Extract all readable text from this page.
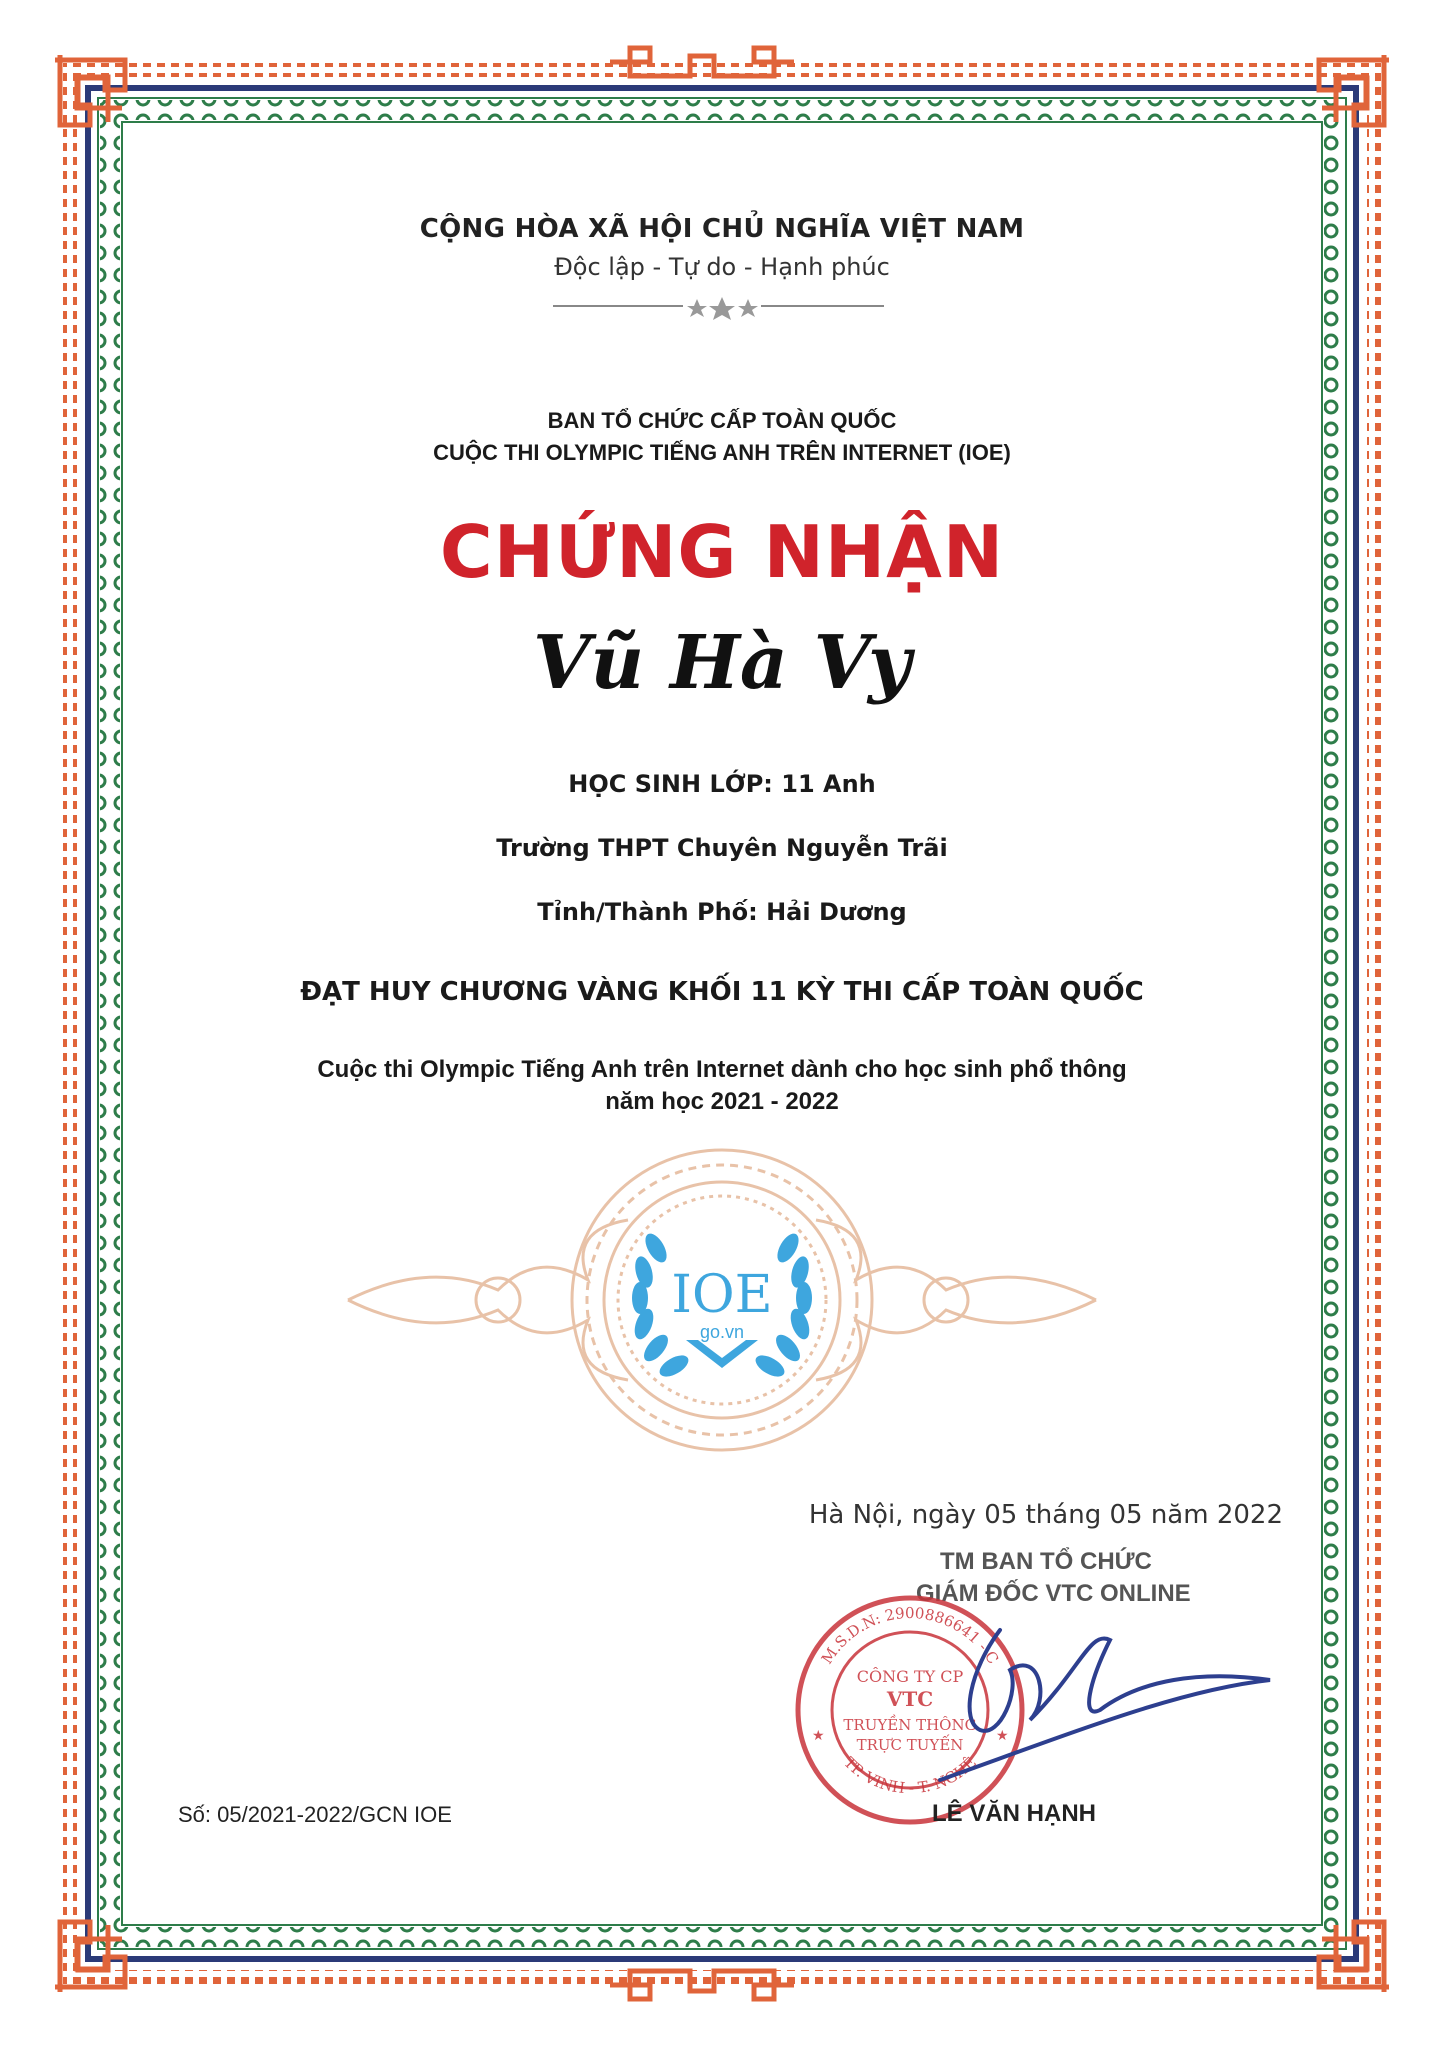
CỘNG HÒA XÃ HỘI CHỦ NGHĨA VIỆT NAM
Độc lập - Tự do - Hạnh phúc
BAN TỔ CHỨC CẤP TOÀN QUỐC
CUỘC THI OLYMPIC TIẾNG ANH TRÊN INTERNET (IOE)
CHỨNG NHẬN
Vũ Hà Vy
HỌC SINH LỚP: 11 Anh
Trường THPT Chuyên Nguyễn Trãi
Tỉnh/Thành Phố: Hải Dương
ĐẠT HUY CHƯƠNG VÀNG KHỐI 11 KỲ THI CẤP TOÀN QUỐC
Cuộc thi Olympic Tiếng Anh trên Internet dành cho học sinh phổ thông
năm học 2021 - 2022
IOE
go.vn
Hà Nội, ngày 05 tháng 05 năm 2022
TM BAN TỔ CHỨC
GIÁM ĐỐC VTC ONLINE
M.S.D.N: 2900886641 - C
TP. VINH - T. NGHỆ
CÔNG TY CP
VTC
TRUYỀN THÔNG
TRỰC TUYẾN
★	★
LÊ VĂN HẠNH
Số: 05/2021-2022/GCN IOE
